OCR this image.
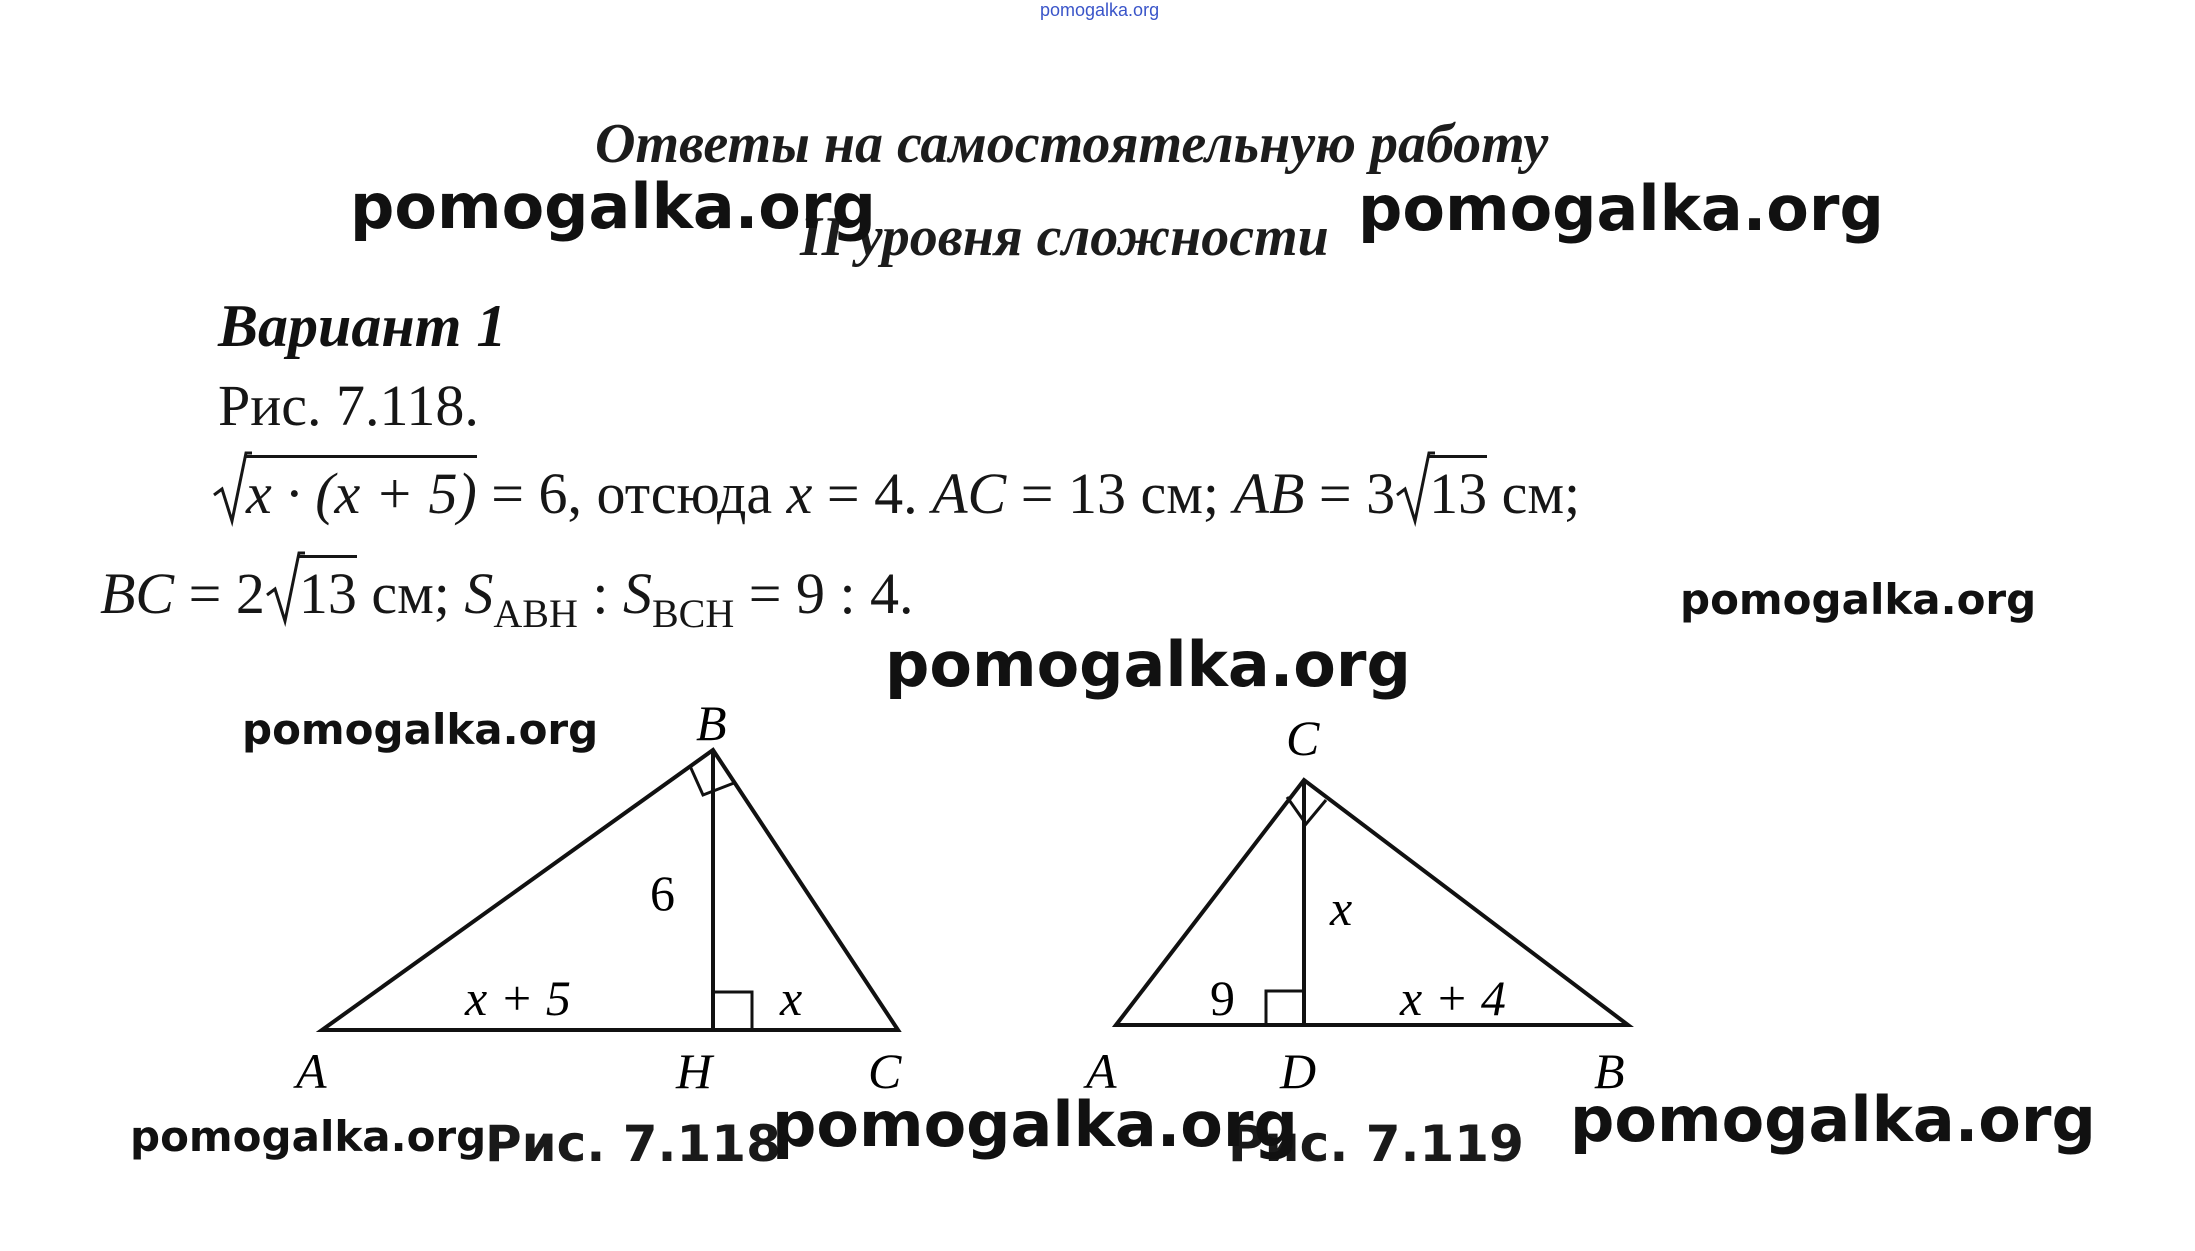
pomogalka.org
Ответы на самостоятельную работу
II уровня сложности
Вариант 1
Рис. 7.118.
x · (x + 5) = 6, отсюда x = 4. AC = 13 см; AB = 3 13 см;
BC = 2 13 см; $S_{ABH}$ : $S_{BCH} = 9$ : 4.
B
A	H	C
6
x + 5	x
C
A	D	B
x
9	x + 4
Рис. 7.118	Рис. 7.119
pomogalka.org	pomogalka.org
pomogalka.org
pomogalka.org
pomogalka.org
pomogalka.org	pomogalka.org	pomogalka.org
